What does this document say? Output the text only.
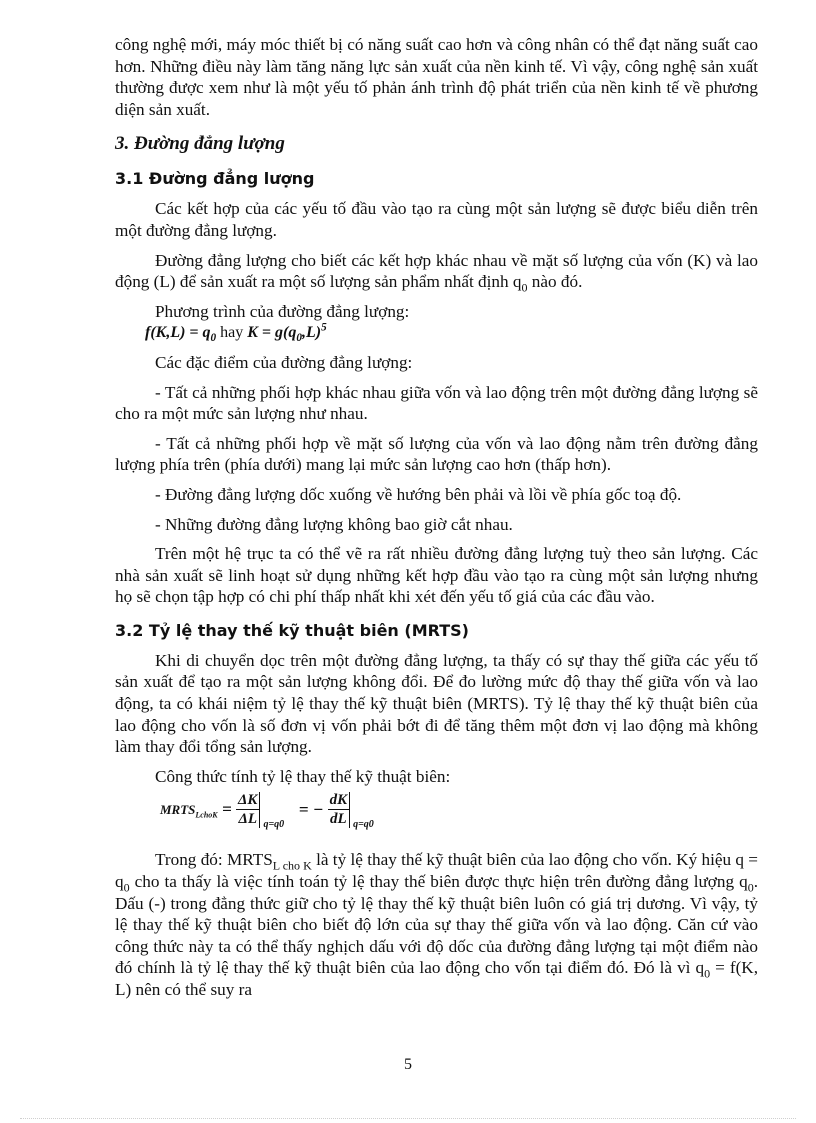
công nghệ mới, máy móc thiết bị có năng suất cao hơn và công nhân có thể đạt năng suất cao hơn. Những điều này làm tăng năng lực sản xuất của nền kinh tế. Vì vậy, công nghệ sản xuất thường được xem như là một yếu tố phản ánh trình độ phát triển của nền kinh tế về phương diện sản xuất.

3. Đường đẳng lượng
3.1 Đường đẳng lượng

Các kết hợp của các yếu tố đầu vào tạo ra cùng một sản lượng sẽ được biểu diễn trên một đường đẳng lượng.

Đường đẳng lượng cho biết các kết hợp khác nhau về mặt số lượng của vốn (K) và lao động (L) để sản xuất ra một số lượng sản phẩm nhất định $q_0$ nào đó.

Phương trình của đường đẳng lượng:

$f(K,L) = q_0$ hay $K = g(q_0,L)^5$

Các đặc điểm của đường đẳng lượng:

- Tất cả những phối hợp khác nhau giữa vốn và lao động trên một đường đẳng lượng sẽ cho ra một mức sản lượng như nhau.

- Tất cả những phối hợp về mặt số lượng của vốn và lao động nằm trên đường đẳng lượng phía trên (phía dưới) mang lại mức sản lượng cao hơn (thấp hơn).

- Đường đẳng lượng dốc xuống về hướng bên phải và lồi về phía gốc toạ độ.

- Những đường đẳng lượng không bao giờ cắt nhau.

Trên một hệ trục ta có thể vẽ ra rất nhiều đường đẳng lượng tuỳ theo sản lượng. Các nhà sản xuất sẽ linh hoạt sử dụng những kết hợp đầu vào tạo ra cùng một sản lượng nhưng họ sẽ chọn tập hợp có chi phí thấp nhất khi xét đến yếu tố giá của các đầu vào.

3.2 Tỷ lệ thay thế kỹ thuật biên (MRTS)

Khi di chuyển dọc trên một đường đẳng lượng, ta thấy có sự thay thế giữa các yếu tố sản xuất để tạo ra một sản lượng không đổi. Để đo lường mức độ thay thế giữa vốn và lao động, ta có khái niệm tỷ lệ thay thế kỹ thuật biên (MRTS). Tỷ lệ thay thế kỹ thuật biên của lao động cho vốn là số đơn vị vốn phải bớt đi để tăng thêm một đơn vị lao động mà không làm thay đổi tổng sản lượng.

Công thức tính tỷ lệ thay thế kỹ thuật biên:

$MRTS_{LchoK} = \frac{\Delta K}{\Delta L} q=q0$
= − $\frac{dK}{dL} q=q0$

Trong đó: $MRTS_{L cho K}$ là tỷ lệ thay thế kỹ thuật biên của lao động cho vốn. Ký hiệu $q = q_0$ cho ta thấy là việc tính toán tỷ lệ thay thế biên được thực hiện trên đường đẳng lượng $q_0$. Dấu (-) trong đẳng thức giữ cho tỷ lệ thay thế kỹ thuật biên luôn có giá trị dương. Vì vậy, tỷ lệ thay thế kỹ thuật biên cho biết độ lớn của sự thay thế giữa vốn và lao động. Căn cứ vào công thức này ta có thể thấy nghịch dấu với độ dốc của đường đẳng lượng tại một điểm nào đó chính là tỷ lệ thay thế kỹ thuật biên của lao động cho vốn tại điểm đó. Đó là vì $q_0 = f(K$, L) nên có thể suy ra

5
